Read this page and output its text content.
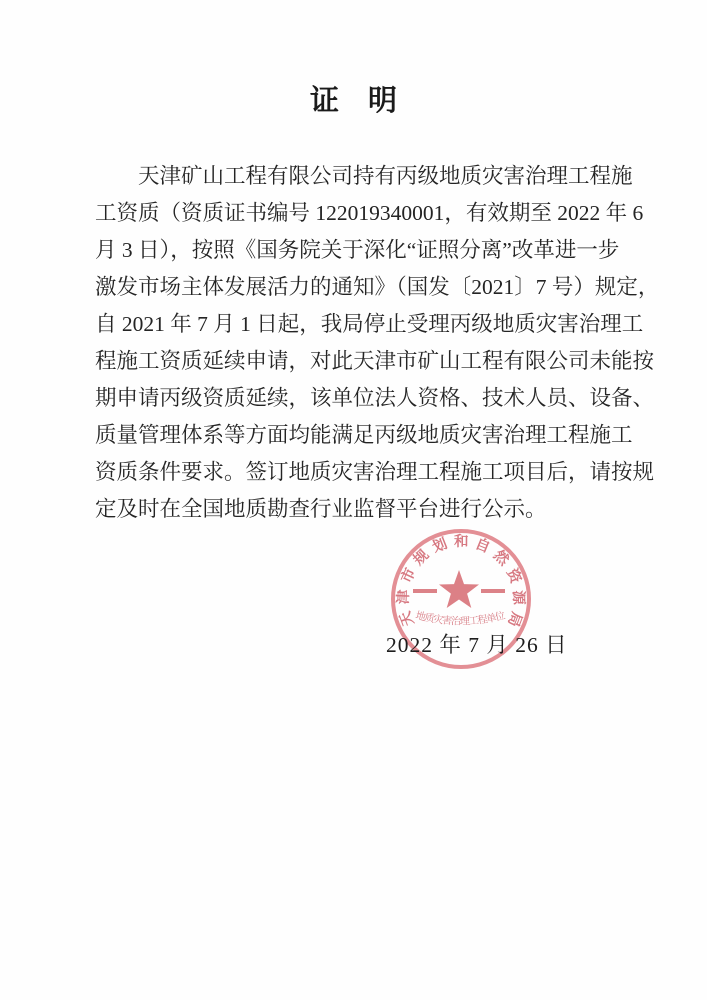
证　明
天津矿山工程有限公司持有丙级地质灾害治理工程施
工资质（资质证书编号 122019340001，有效期至 2022 年 6
月 3 日），按照《国务院关于深化“证照分离”改革进一步
激发市场主体发展活力的通知》（国发〔2021〕7 号）规定，
自 2021 年 7 月 1 日起，我局停止受理丙级地质灾害治理工
程施工资质延续申请，对此天津市矿山工程有限公司未能按
期申请丙级资质延续，该单位法人资格、技术人员、设备、
质量管理体系等方面均能满足丙级地质灾害治理工程施工
资质条件要求。签订地质灾害治理工程施工项目后，请按规
定及时在全国地质勘查行业监督平台进行公示。
天津市规划和自然资源局
地质灾害治理工程单位
2022 年 7 月 26 日
